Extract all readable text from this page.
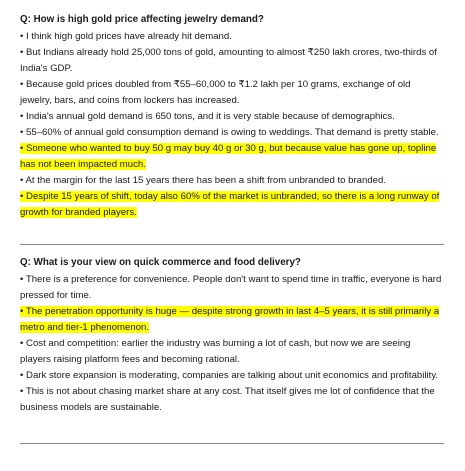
Q: How is high gold price affecting jewelry demand?

• I think high gold prices have already hit demand.

• But Indians already hold 25,000 tons of gold, amounting to almost ₹250 lakh crores, two-thirds of India's GDP.

• Because gold prices doubled from ₹55–60,000 to ₹1.2 lakh per 10 grams, exchange of old jewelry, bars, and coins from lockers has increased.

• India's annual gold demand is 650 tons, and it is very stable because of demographics.

• 55–60% of annual gold consumption demand is owing to weddings. That demand is pretty stable.

• Someone who wanted to buy 50 g may buy 40 g or 30 g, but because value has gone up, topline has not been impacted much.

• At the margin for the last 15 years there has been a shift from unbranded to branded.

• Despite 15 years of shift, today also 60% of the market is unbranded, so there is a long runway of growth for branded players.

Q: What is your view on quick commerce and food delivery?

• There is a preference for convenience. People don't want to spend time in traffic, everyone is hard pressed for time.

• The penetration opportunity is huge — despite strong growth in last 4–5 years, it is still primarily a metro and tier-1 phenomenon.

• Cost and competition: earlier the industry was burning a lot of cash, but now we are seeing players raising platform fees and becoming rational.

• Dark store expansion is moderating, companies are talking about unit economics and profitability.

• This is not about chasing market share at any cost. That itself gives me lot of confidence that the business models are sustainable.
